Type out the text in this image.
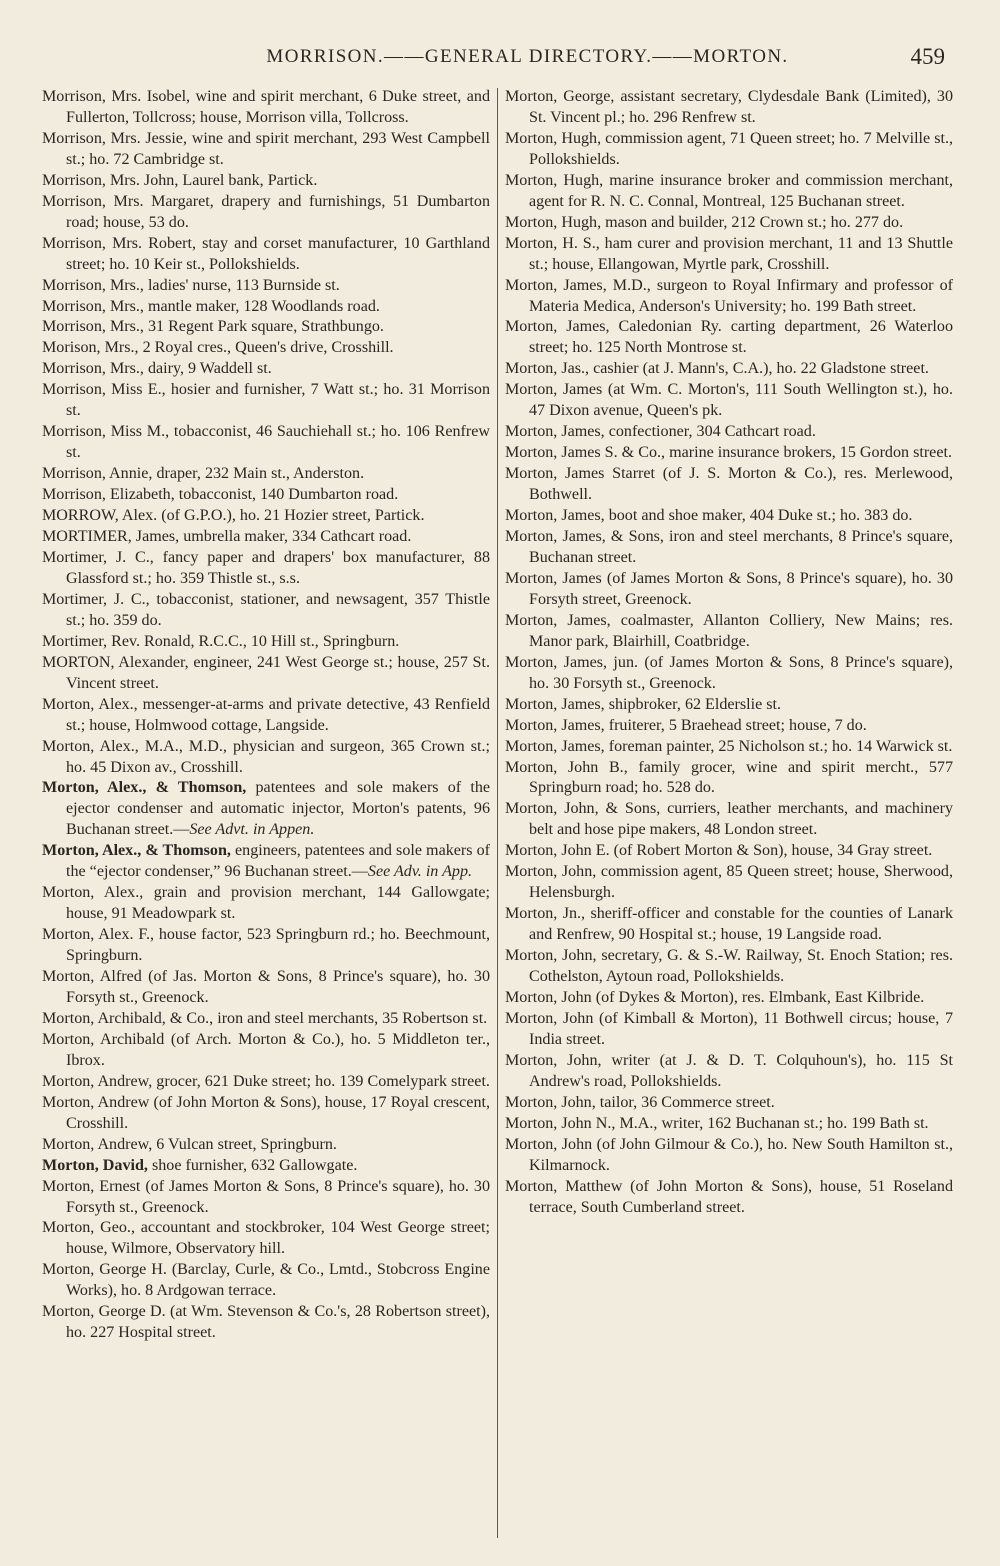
MORRISON.——GENERAL DIRECTORY.——MORTON.	459

Morrison, Mrs. Isobel, wine and spirit merchant, 6 Duke street, and Fullerton, Tollcross; house, Morrison villa, Tollcross.

Morrison, Mrs. Jessie, wine and spirit merchant, 293 West Campbell st.; ho. 72 Cambridge st.

Morrison, Mrs. John, Laurel bank, Partick.

Morrison, Mrs. Margaret, drapery and furnishings, 51 Dumbarton road; house, 53 do.

Morrison, Mrs. Robert, stay and corset manufacturer, 10 Garthland street; ho. 10 Keir st., Pollokshields.

Morrison, Mrs., ladies' nurse, 113 Burnside st.

Morrison, Mrs., mantle maker, 128 Woodlands road.

Morrison, Mrs., 31 Regent Park square, Strathbungo.

Morison, Mrs., 2 Royal cres., Queen's drive, Crosshill.

Morrison, Mrs., dairy, 9 Waddell st.

Morrison, Miss E., hosier and furnisher, 7 Watt st.; ho. 31 Morrison st.

Morrison, Miss M., tobacconist, 46 Sauchiehall st.; ho. 106 Renfrew st.

Morrison, Annie, draper, 232 Main st., Anderston.

Morrison, Elizabeth, tobacconist, 140 Dumbarton road.

MORROW, Alex. (of G.P.O.), ho. 21 Hozier street, Partick.

MORTIMER, James, umbrella maker, 334 Cathcart road.

Mortimer, J. C., fancy paper and drapers' box manufacturer, 88 Glassford st.; ho. 359 Thistle st., s.s.

Mortimer, J. C., tobacconist, stationer, and newsagent, 357 Thistle st.; ho. 359 do.

Mortimer, Rev. Ronald, R.C.C., 10 Hill st., Springburn.

MORTON, Alexander, engineer, 241 West George st.; house, 257 St. Vincent street.

Morton, Alex., messenger-at-arms and private detective, 43 Renfield st.; house, Holmwood cottage, Langside.

Morton, Alex., M.A., M.D., physician and surgeon, 365 Crown st.; ho. 45 Dixon av., Crosshill.

Morton, Alex., & Thomson, patentees and sole makers of the ejector condenser and automatic injector, Morton's patents, 96 Buchanan street.—See Advt. in Appen.

Morton, Alex., & Thomson, engineers, patentees and sole makers of the “ejector condenser,” 96 Buchanan street.—See Adv. in App.

Morton, Alex., grain and provision merchant, 144 Gallowgate; house, 91 Meadowpark st.

Morton, Alex. F., house factor, 523 Springburn rd.; ho. Beechmount, Springburn.

Morton, Alfred (of Jas. Morton & Sons, 8 Prince's square), ho. 30 Forsyth st., Greenock.

Morton, Archibald, & Co., iron and steel merchants, 35 Robertson st.

Morton, Archibald (of Arch. Morton & Co.), ho. 5 Middleton ter., Ibrox.

Morton, Andrew, grocer, 621 Duke street; ho. 139 Comelypark street.

Morton, Andrew (of John Morton & Sons), house, 17 Royal crescent, Crosshill.

Morton, Andrew, 6 Vulcan street, Springburn.

Morton, David, shoe furnisher, 632 Gallowgate.

Morton, Ernest (of James Morton & Sons, 8 Prince's square), ho. 30 Forsyth st., Greenock.

Morton, Geo., accountant and stockbroker, 104 West George street; house, Wilmore, Observatory hill.

Morton, George H. (Barclay, Curle, & Co., Lmtd., Stobcross Engine Works), ho. 8 Ardgowan terrace.

Morton, George D. (at Wm. Stevenson & Co.'s, 28 Robertson street), ho. 227 Hospital street.

Morton, George, assistant secretary, Clydesdale Bank (Limited), 30 St. Vincent pl.; ho. 296 Renfrew st.

Morton, Hugh, commission agent, 71 Queen street; ho. 7 Melville st., Pollokshields.

Morton, Hugh, marine insurance broker and commission merchant, agent for R. N. C. Connal, Montreal, 125 Buchanan street.

Morton, Hugh, mason and builder, 212 Crown st.; ho. 277 do.

Morton, H. S., ham curer and provision merchant, 11 and 13 Shuttle st.; house, Ellangowan, Myrtle park, Crosshill.

Morton, James, M.D., surgeon to Royal Infirmary and professor of Materia Medica, Anderson's University; ho. 199 Bath street.

Morton, James, Caledonian Ry. carting department, 26 Waterloo street; ho. 125 North Montrose st.

Morton, Jas., cashier (at J. Mann's, C.A.), ho. 22 Gladstone street.

Morton, James (at Wm. C. Morton's, 111 South Wellington st.), ho. 47 Dixon avenue, Queen's pk.

Morton, James, confectioner, 304 Cathcart road.

Morton, James S. & Co., marine insurance brokers, 15 Gordon street.

Morton, James Starret (of J. S. Morton & Co.), res. Merlewood, Bothwell.

Morton, James, boot and shoe maker, 404 Duke st.; ho. 383 do.

Morton, James, & Sons, iron and steel merchants, 8 Prince's square, Buchanan street.

Morton, James (of James Morton & Sons, 8 Prince's square), ho. 30 Forsyth street, Greenock.

Morton, James, coalmaster, Allanton Colliery, New Mains; res. Manor park, Blairhill, Coatbridge.

Morton, James, jun. (of James Morton & Sons, 8 Prince's square), ho. 30 Forsyth st., Greenock.

Morton, James, shipbroker, 62 Elderslie st.

Morton, James, fruiterer, 5 Braehead street; house, 7 do.

Morton, James, foreman painter, 25 Nicholson st.; ho. 14 Warwick st.

Morton, John B., family grocer, wine and spirit mercht., 577 Springburn road; ho. 528 do.

Morton, John, & Sons, curriers, leather merchants, and machinery belt and hose pipe makers, 48 London street.

Morton, John E. (of Robert Morton & Son), house, 34 Gray street.

Morton, John, commission agent, 85 Queen street; house, Sherwood, Helensburgh.

Morton, Jn., sheriff-officer and constable for the counties of Lanark and Renfrew, 90 Hospital st.; house, 19 Langside road.

Morton, John, secretary, G. & S.-W. Railway, St. Enoch Station; res. Cothelston, Aytoun road, Pollokshields.

Morton, John (of Dykes & Morton), res. Elmbank, East Kilbride.

Morton, John (of Kimball & Morton), 11 Bothwell circus; house, 7 India street.

Morton, John, writer (at J. & D. T. Colquhoun's), ho. 115 St Andrew's road, Pollokshields.

Morton, John, tailor, 36 Commerce street.

Morton, John N., M.A., writer, 162 Buchanan st.; ho. 199 Bath st.

Morton, John (of John Gilmour & Co.), ho. New South Hamilton st., Kilmarnock.

Morton, Matthew (of John Morton & Sons), house, 51 Roseland terrace, South Cumberland street.
